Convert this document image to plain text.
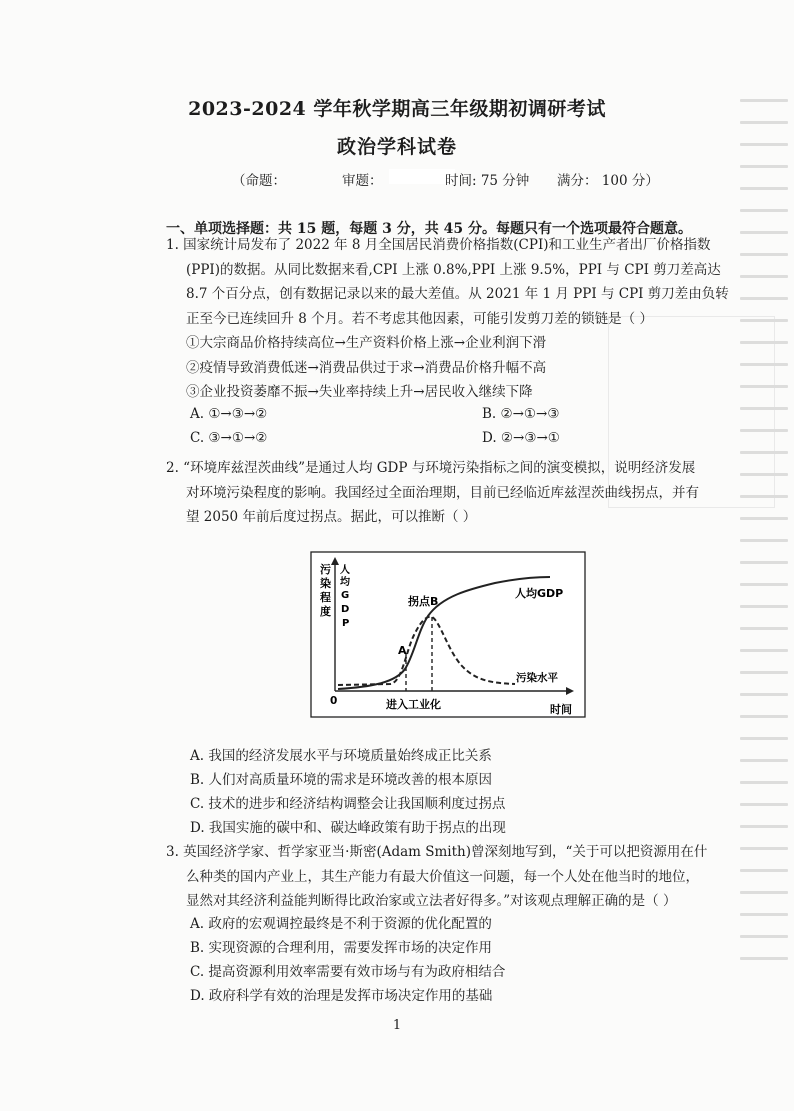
2023-2024 学年秋学期高三年级期初调研考试
政治学科试卷
（命题：	审题：	时间: 75 分钟 满分： 100 分）
一、单项选择题：共 15 题，每题 3 分，共 45 分。每题只有一个选项最符合题意。
1. 国家统计局发布了 2022 年 8 月全国居民消费价格指数(CPI)和工业生产者出厂价格指数
(PPI)的数据。从同比数据来看,CPI 上涨 0.8%,PPI 上涨 9.5%，PPI 与 CPI 剪刀差高达
8.7 个百分点，创有数据记录以来的最大差值。从 2021 年 1 月 PPI 与 CPI 剪刀差由负转
正至今已连续回升 8 个月。若不考虑其他因素，可能引发剪刀差的锁链是（ ）
①大宗商品价格持续高位→生产资料价格上涨→企业利润下滑
②疫情导致消费低迷→消费品供过于求→消费品价格升幅不高
③企业投资萎靡不振→失业率持续上升→居民收入继续下降
A. ①→③→②	B. ②→①→③
C. ③→①→②	D. ②→③→①
2. “环境库兹涅茨曲线”是通过人均 GDP 与环境污染指标之间的演变模拟，说明经济发展
对环境污染程度的影响。我国经过全面治理期，目前已经临近库兹涅茨曲线拐点，并有
望 2050 年前后度过拐点。据此，可以推断（ ）
污染程度
人均 G D P
人均GDP
污染水平
A
拐点B
0	进入工业化	时间
A. 我国的经济发展水平与环境质量始终成正比关系
B. 人们对高质量环境的需求是环境改善的根本原因
C. 技术的进步和经济结构调整会让我国顺利度过拐点
D. 我国实施的碳中和、碳达峰政策有助于拐点的出现
3. 英国经济学家、哲学家亚当·斯密(Adam Smith)曾深刻地写到，“关于可以把资源用在什
么种类的国内产业上，其生产能力有最大价值这一问题，每一个人处在他当时的地位，
显然对其经济利益能判断得比政治家或立法者好得多。”对该观点理解正确的是（ ）
A. 政府的宏观调控最终是不利于资源的优化配置的
B. 实现资源的合理利用，需要发挥市场的决定作用
C. 提高资源利用效率需要有效市场与有为政府相结合
D. 政府科学有效的治理是发挥市场决定作用的基础
1
